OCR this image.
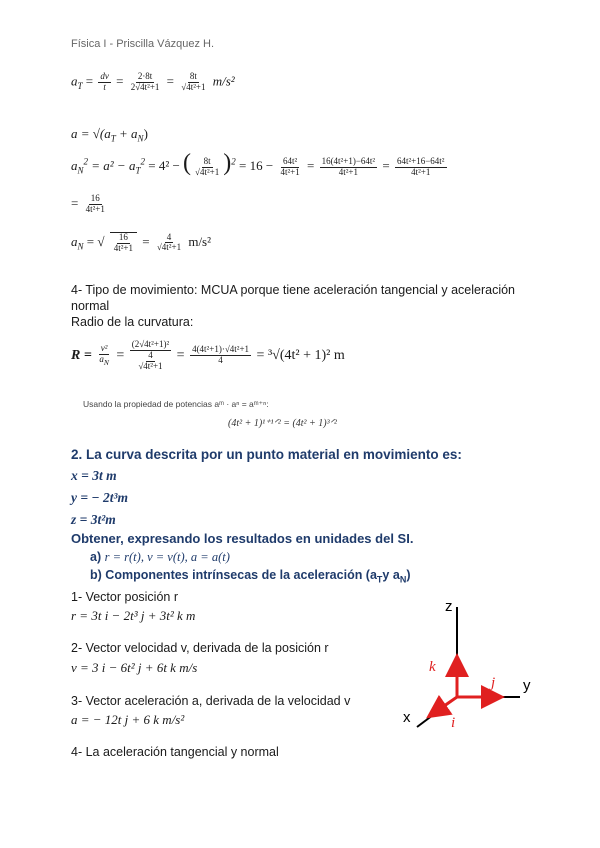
Física I - Priscilla Vázquez H.
$a_T = \frac{dv}{t} = \frac{2\cdot 8t}{\text{2√4t²+1}} = \frac{8t}{\text{√4t²+1}} m/s^2$
$a = √(a_T + a_N)$
$a_N^2 = a^2 - a_T^2 = 4^2$ − ( $\frac{8t}{\text{√4t²+1}} )^2 = 16 - \frac{\text{64t²}}{\text{4t²+1}} = \frac{\text{16(4t²+1)−64t²}}{\text{4t²+1}} = \frac{\text{64t²+16−64t²}}{\text{4t²+1}}$
= $\frac{16}{\text{4t²+1}}$
$a_N$ = √ $\frac{16}{\text{4t²+1}} = \frac{4}{\text{√4t²+1}} m/s^2$
4- Tipo de movimiento: MCUA porque tiene aceleración tangencial y aceleración
normal
Radio de la curvatura:
$R = \frac{\text{v²}}{a_N} = \frac{\text{(2√4t²+1)²}}{\frac{4}{\text{√4t²+1}}} = \frac{\text{4(4t²+1)·√4t²+1}}{4} = ^3√(4t^2 + 1)^2$ m
Usando la propiedad de potencias aᵐ · aⁿ = aᵐ⁺ⁿ:
(4t² + 1)¹⁺¹ᐟ² = (4t² + 1)³ᐟ²
2. La curva descrita por un punto material en movimiento es:
x = 3t m
y = − 2t³m
z = 3t²m
Obtener, expresando los resultados en unidades del SI.
a) r = r(t), v = v(t), a = a(t)
b) Componentes intrínsecas de la aceleración ($a_Ty$ $a_N$)
1- Vector posición r
r = 3t i − 2t³ j + 3t² k m
2- Vector velocidad v, derivada de la posición r
v = 3 i − 6t² j + 6t k m/s
3- Vector aceleración a, derivada de la velocidad v
a = − 12t j + 6 k m/s²
4- La aceleración tangencial y normal
z
y
x
k
j
i
